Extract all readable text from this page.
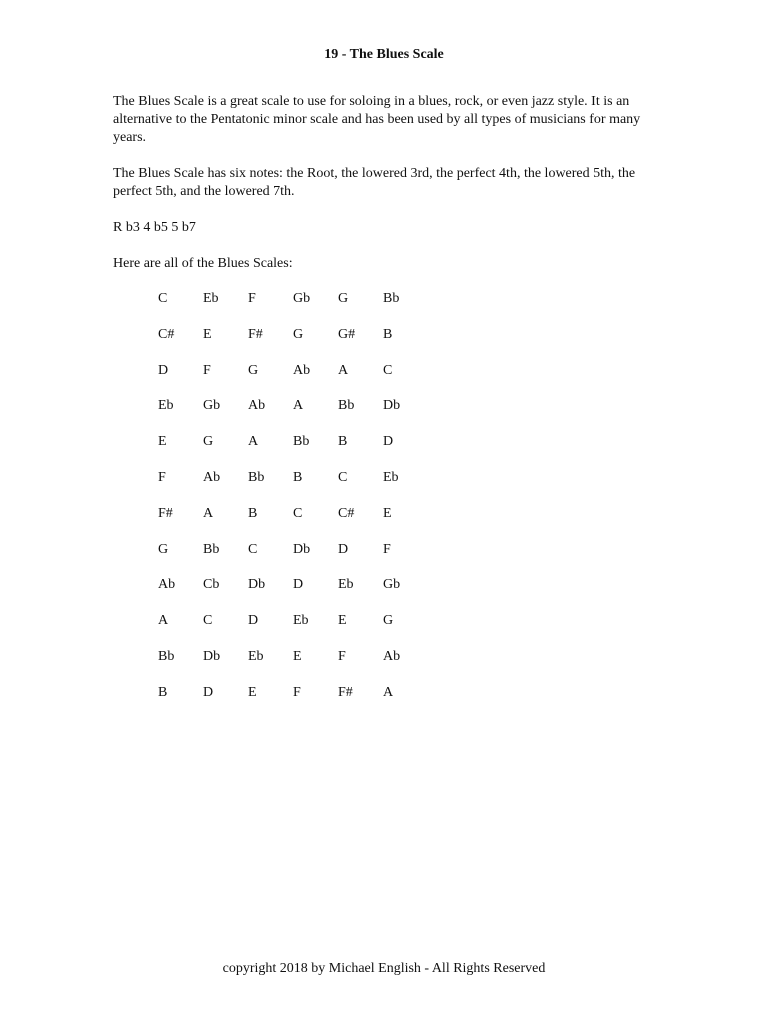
19 - The Blues Scale

The Blues Scale is a great scale to use for soloing in a blues, rock, or even jazz style. It is an alternative to the Pentatonic minor scale and has been used by all types of musicians for many years.

The Blues Scale has six notes: the Root, the lowered 3rd, the perfect 4th, the lowered 5th, the perfect 5th, and the lowered 7th.

R b3 4 b5 5 b7

Here are all of the Blues Scales:

C	Eb	F	Gb	G	Bb
C#	E	F#	G	G#	B
D	F	G	Ab	A	C
Eb	Gb	Ab	A	Bb	Db
E	G	A	Bb	B	D
F	Ab	Bb	B	C	Eb
F#	A	B	C	C#	E
G	Bb	C	Db	D	F
Ab	Cb	Db	D	Eb	Gb
A	C	D	Eb	E	G
Bb	Db	Eb	E	F	Ab
B	D	E	F	F#	A
copyright 2018 by Michael English - All Rights Reserved
